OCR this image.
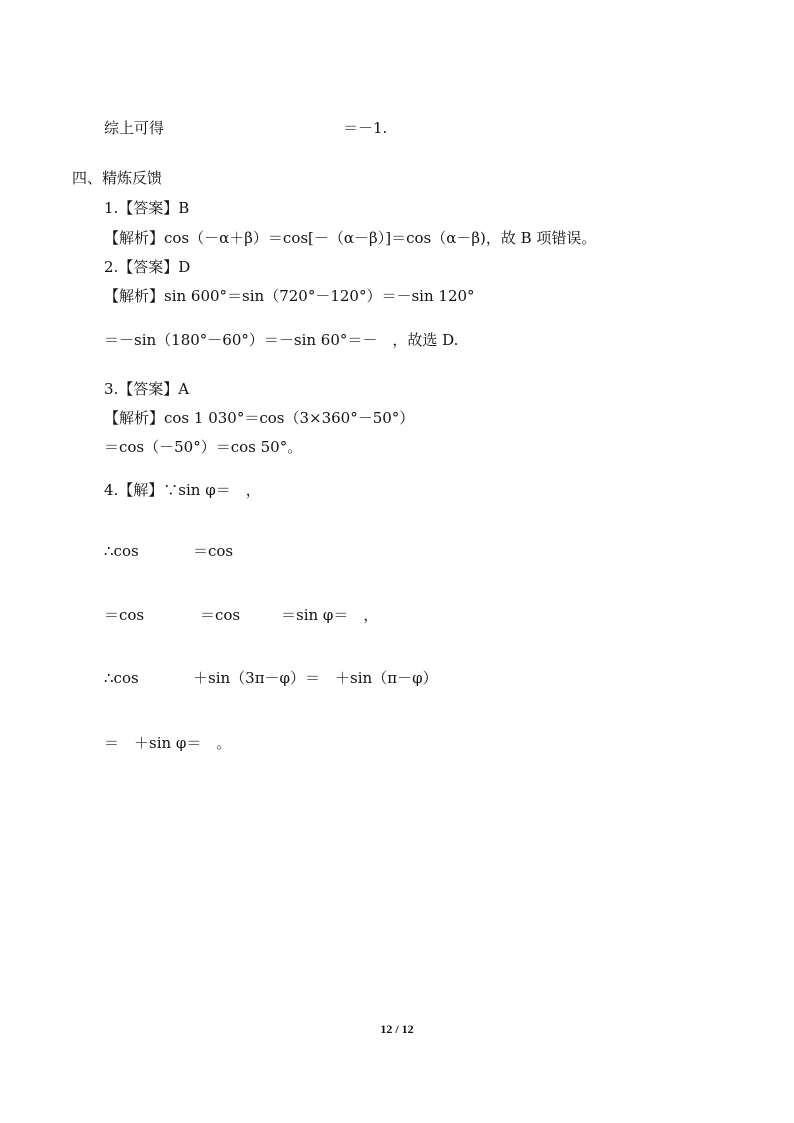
综上可得	＝－1.
四、精炼反馈
1.【答案】B
【解析】cos（－α＋β）＝cos[－（α－β）]＝cos（α－β)，故 B 项错误。
2.【答案】D
【解析】sin 600°＝sin（720°－120°）＝－sin 120°
＝－sin（180°－60°）＝－sin 60°＝－　，故选 D.
3.【答案】A
【解析】cos 1 030°＝cos（3×360°－50°）
＝cos（－50°）＝cos 50°。
4.【解】∵sin φ＝　，
∴cos	＝cos
＝cos	＝cos	＝sin φ＝　，
∴cos	＋sin（3π－φ）＝　＋sin（π－φ）
＝　＋sin φ＝　。
12 / 12
